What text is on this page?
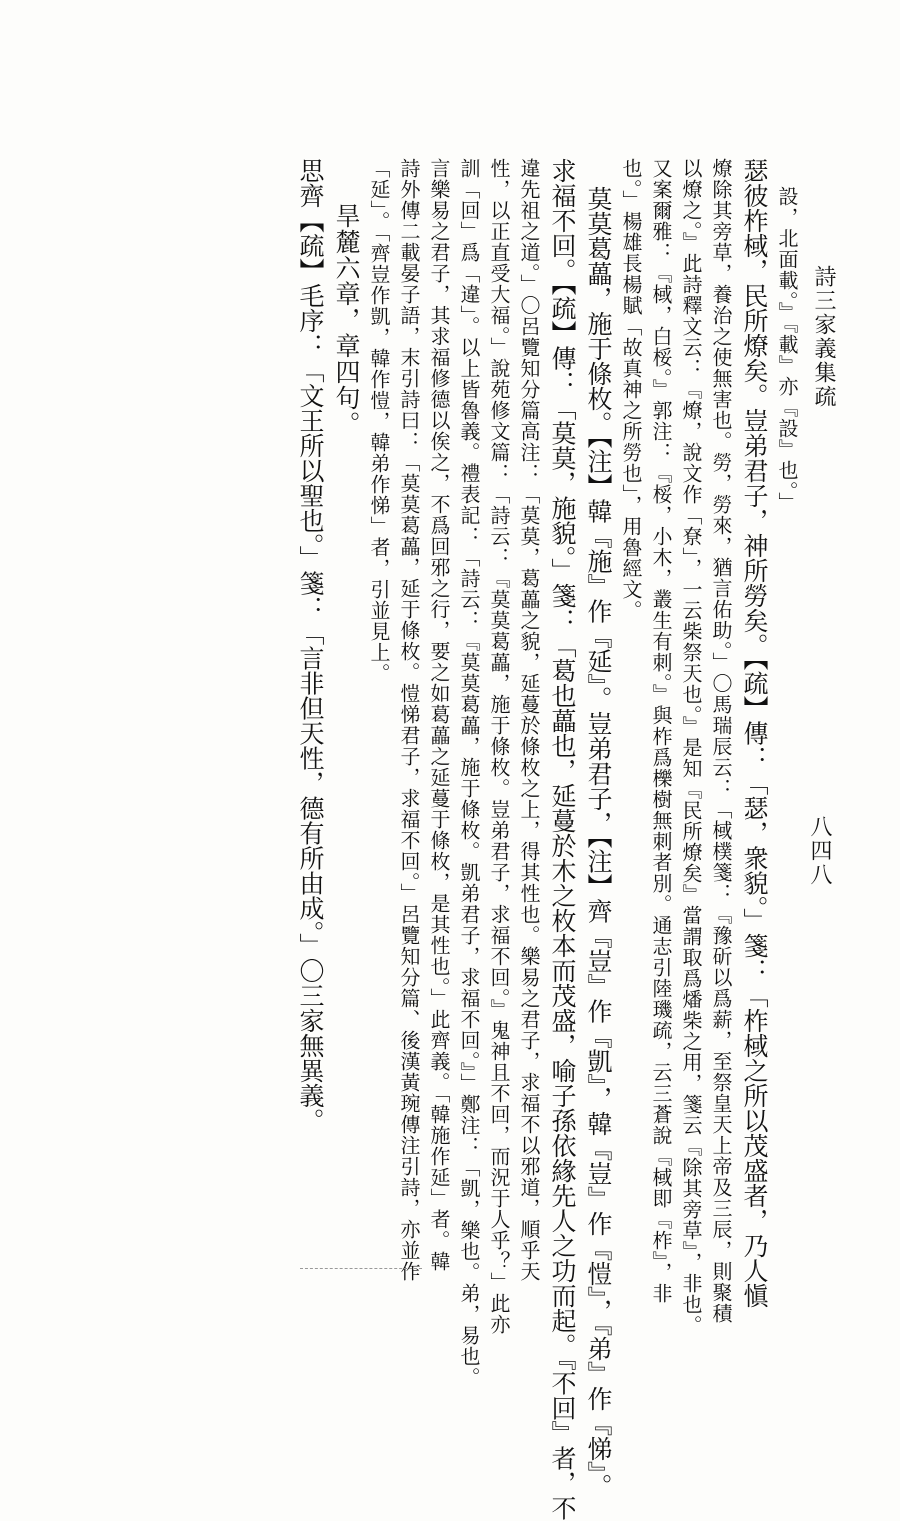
詩三家義集疏
八四八
設，北面載。』『載』亦『設』也。」
瑟彼柞棫，民所燎矣。豈弟君子，神所勞矣。【疏】傳：「瑟，衆貌。」箋：「柞棫之所以茂盛者，乃人愼
燎除其旁草，養治之使無害也。勞，勞來，猶言佑助。」〇馬瑞辰云：「棫樸箋：『豫斫以爲薪，至祭皇天上帝及三辰，則聚積
以燎之。』此詩釋文云：『燎，說文作「尞」，一云柴祭天也。』是知『民所燎矣』當謂取爲燔柴之用，箋云『除其旁草』，非也。
又案爾雅：『棫，白桵。』郭注：『桵，小木，叢生有刺。』與柞爲櫟樹無刺者別。通志引陸璣疏，云三蒼說『棫即『柞』，非
也。」楊雄長楊賦「故真神之所勞也」，用魯經文。
莫莫葛藟，施于條枚。【注】韓『施』作『延』。豈弟君子，【注】齊『豈』作『凱』，韓『豈』作『愷』，『弟』作『悌』。
求福不回。【疏】傳：「莫莫，施貌。」箋：「葛也藟也，延蔓於木之枚本而茂盛，喻子孫依緣先人之功而起。『不回』者，不
違先祖之道。」〇呂覽知分篇高注：「莫莫，葛藟之貌，延蔓於條枚之上，得其性也。樂易之君子，求福不以邪道，順乎天
性，以正直受大福。」說苑修文篇：「詩云：『莫莫葛藟，施于條枚。豈弟君子，求福不回。』鬼神且不回，而況于人乎？」此亦
訓「回」爲「違」。以上皆魯義。禮表記：「詩云：『莫莫葛藟，施于條枚。凱弟君子，求福不回。』」鄭注：「凱，樂也。弟，易也。
言樂易之君子，其求福修德以俟之，不爲回邪之行，要之如葛藟之延蔓于條枚，是其性也。」此齊義。「韓施作延」者。韓
詩外傳二載晏子語，末引詩曰：「莫莫葛藟，延于條枚。愷悌君子，求福不回。」呂覽知分篇、後漢黃琬傳注引詩，亦並作
「延」。「齊豈作凱，韓作愷，韓弟作悌」者，引並見上。
旱麓六章，章四句。
思齊【疏】毛序：「文王所以聖也。」箋：「言非但天性，德有所由成。」〇三家無異義。
